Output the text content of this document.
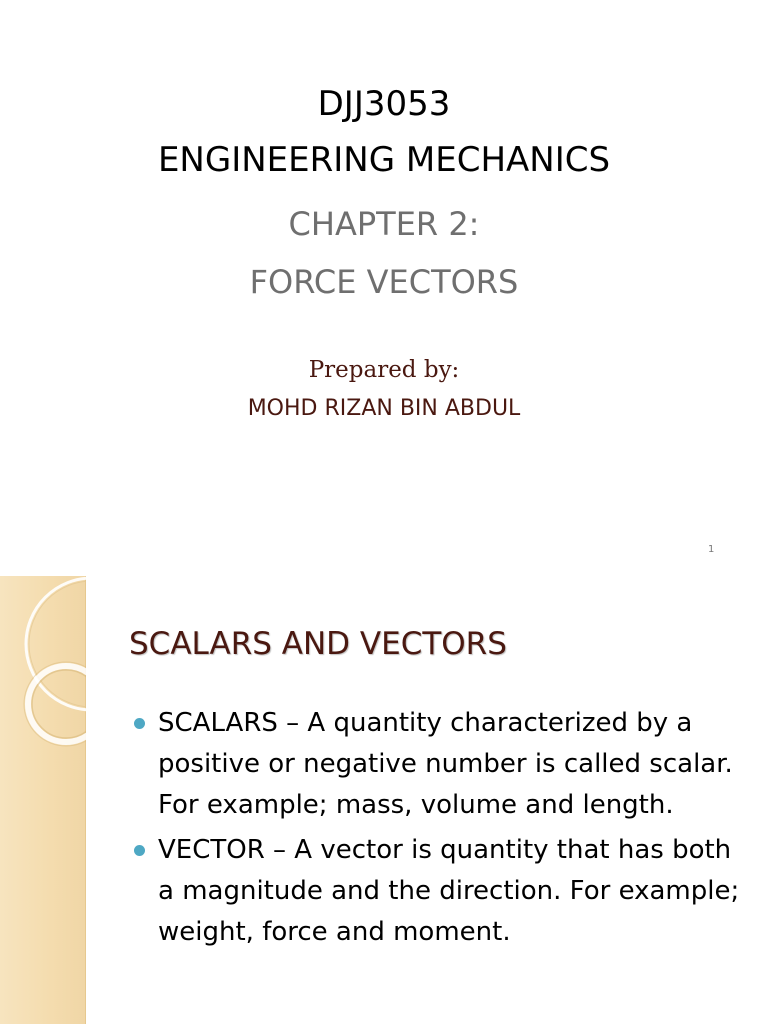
DJJ3053
ENGINEERING MECHANICS
CHAPTER 2:
FORCE VECTORS
Prepared by:
MOHD RIZAN BIN ABDUL
1
SCALARS AND VECTORS
SCALARS – A quantity characterized by a positive or negative number is called scalar. For example; mass, volume and length.
VECTOR – A vector is quantity that has both a magnitude and the direction. For example; weight, force and moment.
